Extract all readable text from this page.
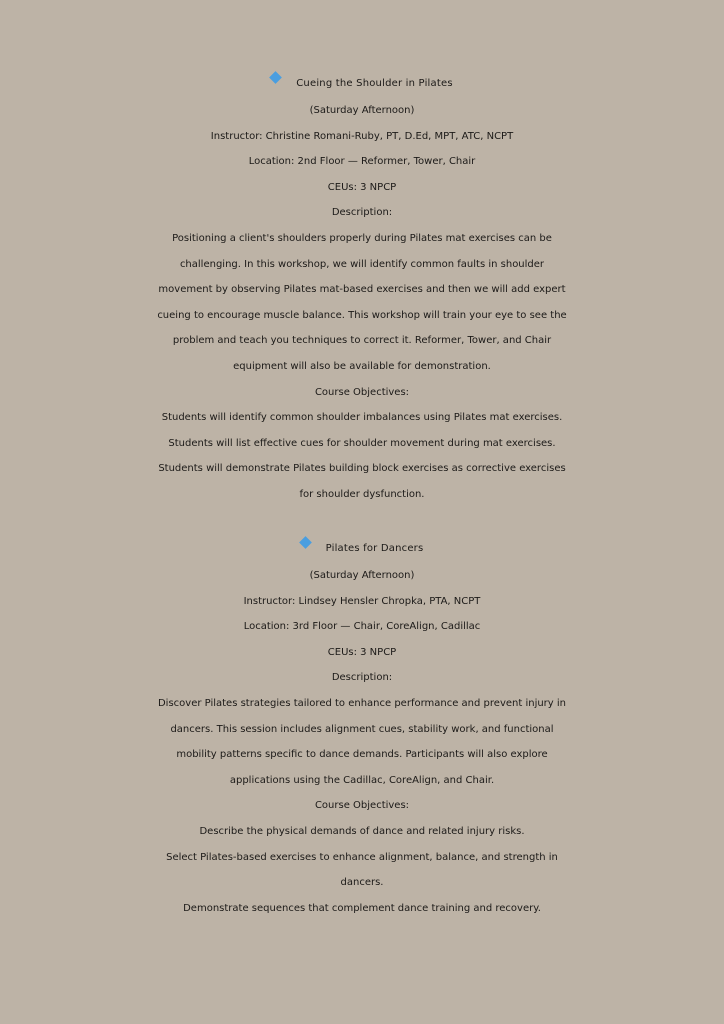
Cueing the Shoulder in Pilates
(Saturday Afternoon)
Instructor: Christine Romani-Ruby, PT, D.Ed, MPT, ATC, NCPT
Location: 2nd Floor — Reformer, Tower, Chair
CEUs: 3 NPCP
Description:
Positioning a client's shoulders properly during Pilates mat exercises can be
challenging. In this workshop, we will identify common faults in shoulder
movement by observing Pilates mat-based exercises and then we will add expert
cueing to encourage muscle balance. This workshop will train your eye to see the
problem and teach you techniques to correct it. Reformer, Tower, and Chair
equipment will also be available for demonstration.
Course Objectives:
Students will identify common shoulder imbalances using Pilates mat exercises.
Students will list effective cues for shoulder movement during mat exercises.
Students will demonstrate Pilates building block exercises as corrective exercises
for shoulder dysfunction.
Pilates for Dancers
(Saturday Afternoon)
Instructor: Lindsey Hensler Chropka, PTA, NCPT
Location: 3rd Floor — Chair, CoreAlign, Cadillac
CEUs: 3 NPCP
Description:
Discover Pilates strategies tailored to enhance performance and prevent injury in
dancers. This session includes alignment cues, stability work, and functional
mobility patterns specific to dance demands. Participants will also explore
applications using the Cadillac, CoreAlign, and Chair.
Course Objectives:
Describe the physical demands of dance and related injury risks.
Select Pilates-based exercises to enhance alignment, balance, and strength in
dancers.
Demonstrate sequences that complement dance training and recovery.
